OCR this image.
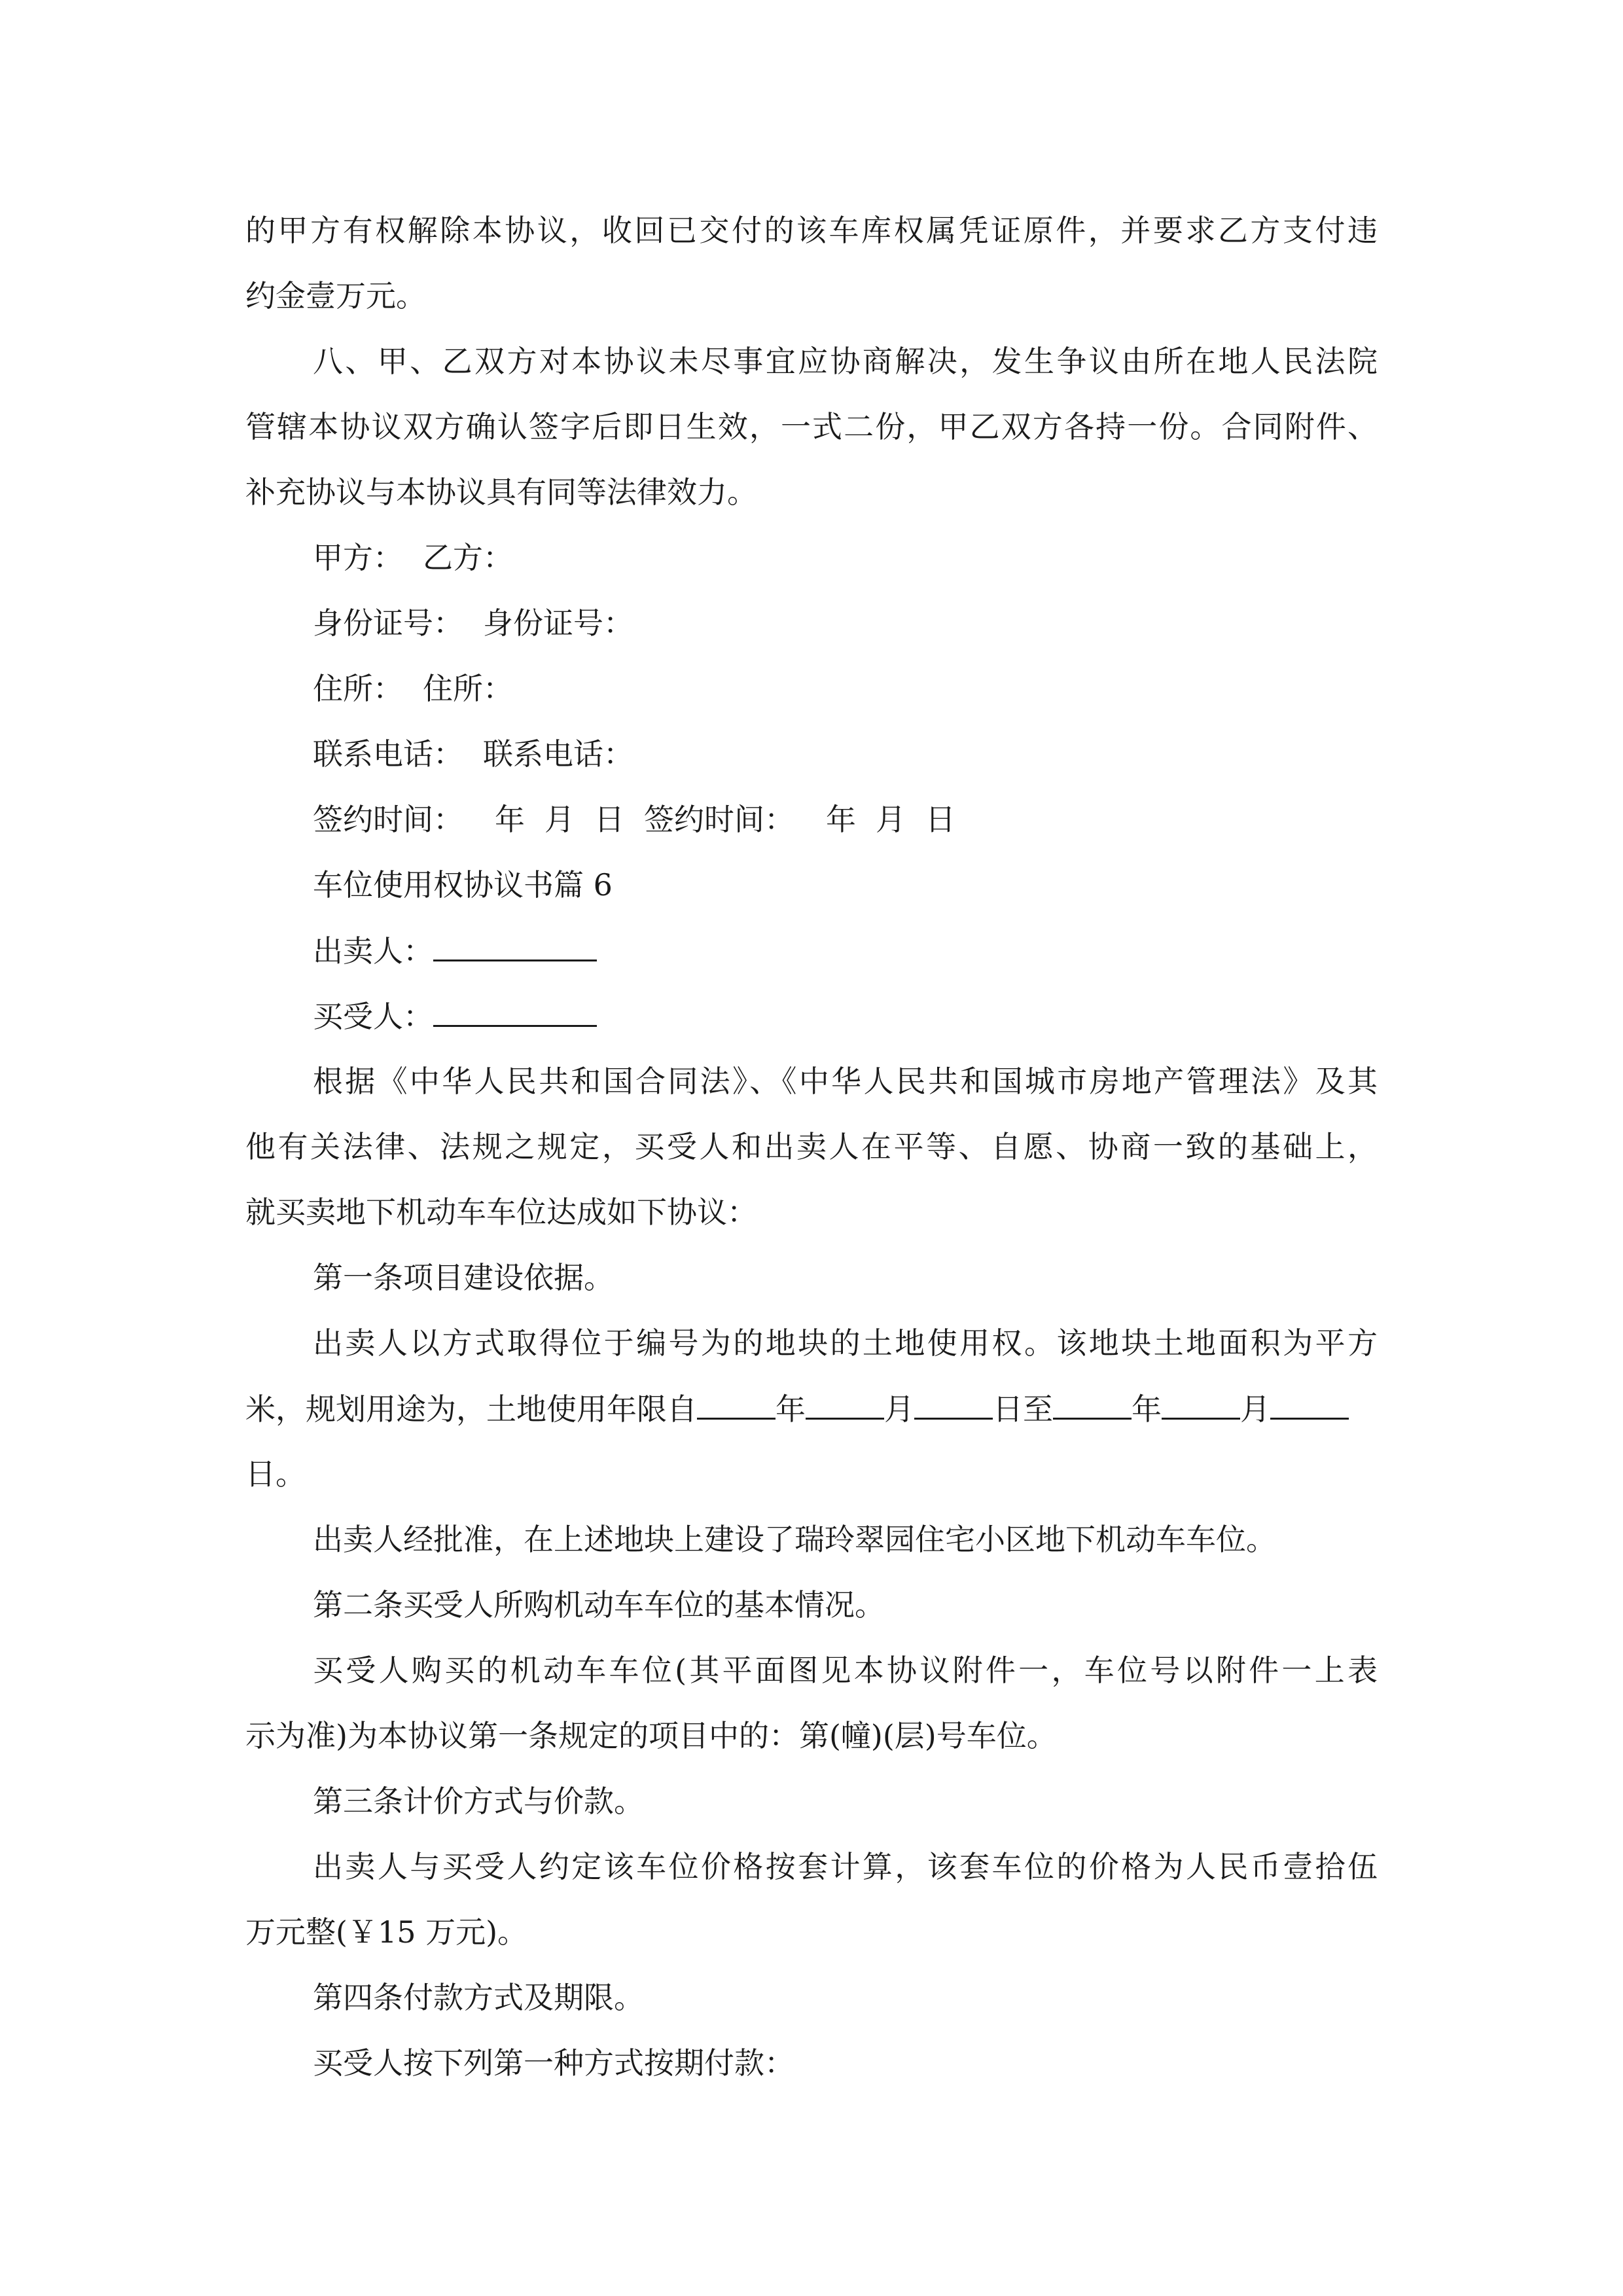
的甲方有权解除本协议，收回已交付的该车库权属凭证原件，并要求乙方支付违
约金壹万元。
八、甲、乙双方对本协议未尽事宜应协商解决，发生争议由所在地人民法院
管辖本协议双方确认签字后即日生效，一式二份，甲乙双方各持一份。合同附件、
补充协议与本协议具有同等法律效力。
甲方： 乙方：
身份证号： 身份证号：
住所： 住所：
联系电话： 联系电话：
签约时间： 年 月 日 签约时间： 年 月 日
车位使用权协议书篇 6
出卖人：
买受人：
根据《中华人民共和国合同法》、《中华人民共和国城市房地产管理法》及其
他有关法律、法规之规定，买受人和出卖人在平等、自愿、协商一致的基础上，
就买卖地下机动车车位达成如下协议：
第一条项目建设依据。
出卖人以方式取得位于编号为的地块的土地使用权。该地块土地面积为平方
米，规划用途为，土地使用年限自	年	月	日至	年	月
日。
出卖人经批准，在上述地块上建设了瑞玲翠园住宅小区地下机动车车位。
第二条买受人所购机动车车位的基本情况。
买受人购买的机动车车位(其平面图见本协议附件一，车位号以附件一上表
示为准)为本协议第一条规定的项目中的：第(幢)(层)号车位。
第三条计价方式与价款。
出卖人与买受人约定该车位价格按套计算，该套车位的价格为人民币壹拾伍
万元整(￥15 万元)。
第四条付款方式及期限。
买受人按下列第一种方式按期付款：
